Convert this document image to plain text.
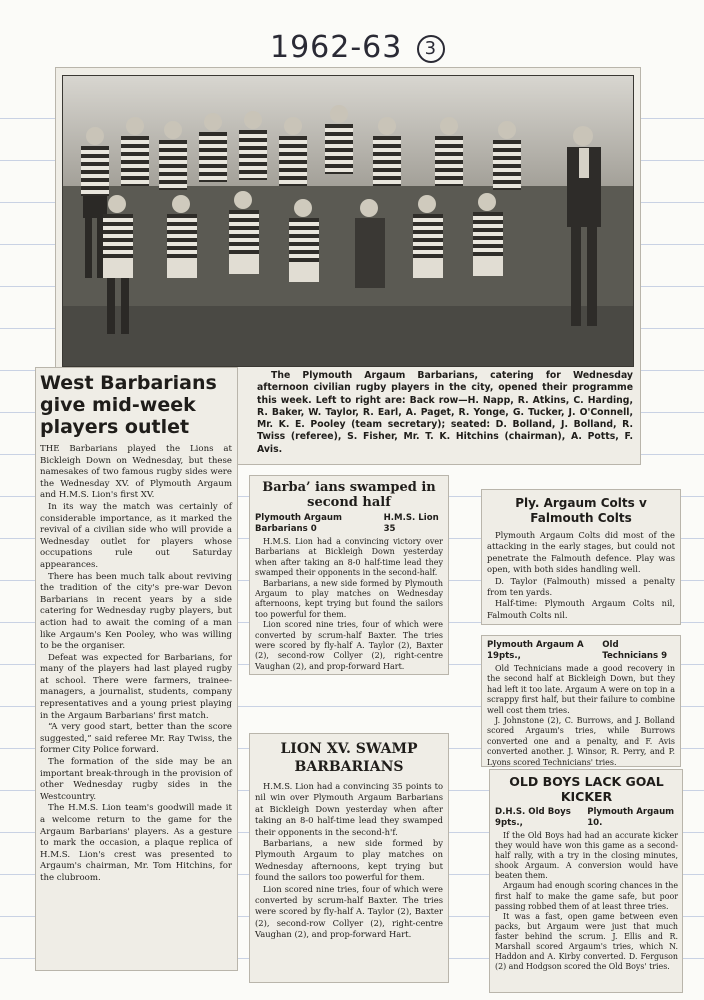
1962-63 3

The Plymouth Argaum Barbarians, catering for Wednesday afternoon civilian rugby players in the city, opened their programme this week. Left to right are: Back row—H. Napp, R. Atkins, C. Harding, R. Baker, W. Taylor, R. Earl, A. Paget, R. Yonge, G. Tucker, J. O'Connell, Mr. K. E. Pooley (team secretary); seated: D. Bolland, J. Bolland, R. Twiss (referee), S. Fisher, Mr. T. K. Hitchins (chairman), A. Potts, F. Avis.

West Barbarians give mid-week players outlet

THE Barbarians played the Lions at Bickleigh Down on Wednesday, but these namesakes of two famous rugby sides were the Wednesday XV. of Plymouth Argaum and H.M.S. Lion's first XV.

In its way the match was certainly of considerable importance, as it marked the revival of a civilian side who will provide a Wednesday outlet for players whose occupations rule out Saturday appearances.

There has been much talk about reviving the tradition of the city's pre-war Devon Barbarians in recent years by a side catering for Wednesday rugby players, but action had to await the coming of a man like Argaum's Ken Pooley, who was willing to be the organiser.

Defeat was expected for Barbarians, for many of the players had last played rugby at school. There were farmers, trainee-managers, a journalist, students, company representatives and a young priest playing in the Argaum Barbarians' first match.

“A very good start, better than the score suggested,” said referee Mr. Ray Twiss, the former City Police forward.

The formation of the side may be an important break-through in the provision of other Wednesday rugby sides in the Westcountry.

The H.M.S. Lion team's goodwill made it a welcome return to the game for the Argaum Barbarians' players. As a gesture to mark the occasion, a plaque replica of H.M.S. Lion's crest was presented to Argaum's chairman, Mr. Tom Hitchins, for the clubroom.

Barba’ ians swamped in second half
Plymouth Argaum Barbarians 0
H.M.S. Lion 35

H.M.S. Lion had a convincing victory over Barbarians at Bickleigh Down yesterday when after taking an 8-0 half-time lead they swamped their opponents in the second-half.

Barbarians, a new side formed by Plymouth Argaum to play matches on Wednesday afternoons, kept trying but found the sailors too powerful for them.

Lion scored nine tries, four of which were converted by scrum-half Baxter. The tries were scored by fly-half A. Taylor (2), Baxter (2), second-row Collyer (2), right-centre Vaughan (2), and prop-forward Hart.

LION XV. SWAMP BARBARIANS

H.M.S. Lion had a convincing 35 points to nil win over Plymouth Argaum Barbarians at Bickleigh Down yesterday when after taking an 8-0 half-time lead they swamped their opponents in the second-h'f.

Barbarians, a new side formed by Plymouth Argaum to play matches on Wednesday afternoons, kept trying but found the sailors too powerful for them.

Lion scored nine tries, four of which were converted by scrum-half Baxter. The tries were scored by fly-half A. Taylor (2), Baxter (2), second-row Collyer (2), right-centre Vaughan (2), and prop-forward Hart.

Ply. Argaum Colts v Falmouth Colts

Plymouth Argaum Colts did most of the attacking in the early stages, but could not penetrate the Falmouth defence. Play was open, with both sides handling well.

D. Taylor (Falmouth) missed a penalty from ten yards.

Half-time: Plymouth Argaum Colts nil, Falmouth Colts nil.

Plymouth Argaum A 19pts.,
Old Technicians 9

Old Technicians made a good recovery in the second half at Bickleigh Down, but they had left it too late. Argaum A were on top in a scrappy first half, but their failure to combine well cost them tries.

J. Johnstone (2), C. Burrows, and J. Bolland scored Argaum's tries, while Burrows converted one and a penalty, and F. Avis converted another. J. Winsor, R. Perry, and P. Lyons scored Technicians' tries.

OLD BOYS LACK GOAL KICKER
D.H.S. Old Boys 9pts.,
Plymouth Argaum 10.

If the Old Boys had had an accurate kicker they would have won this game as a second-half rally, with a try in the closing minutes, shook Argaum. A conversion would have beaten them.

Argaum had enough scoring chances in the first half to make the game safe, but poor passing robbed them of at least three tries.

It was a fast, open game between even packs, but Argaum were just that much faster behind the scrum. J. Ellis and R. Marshall scored Argaum's tries, which N. Haddon and A. Kirby converted. D. Ferguson (2) and Hodgson scored the Old Boys' tries.
